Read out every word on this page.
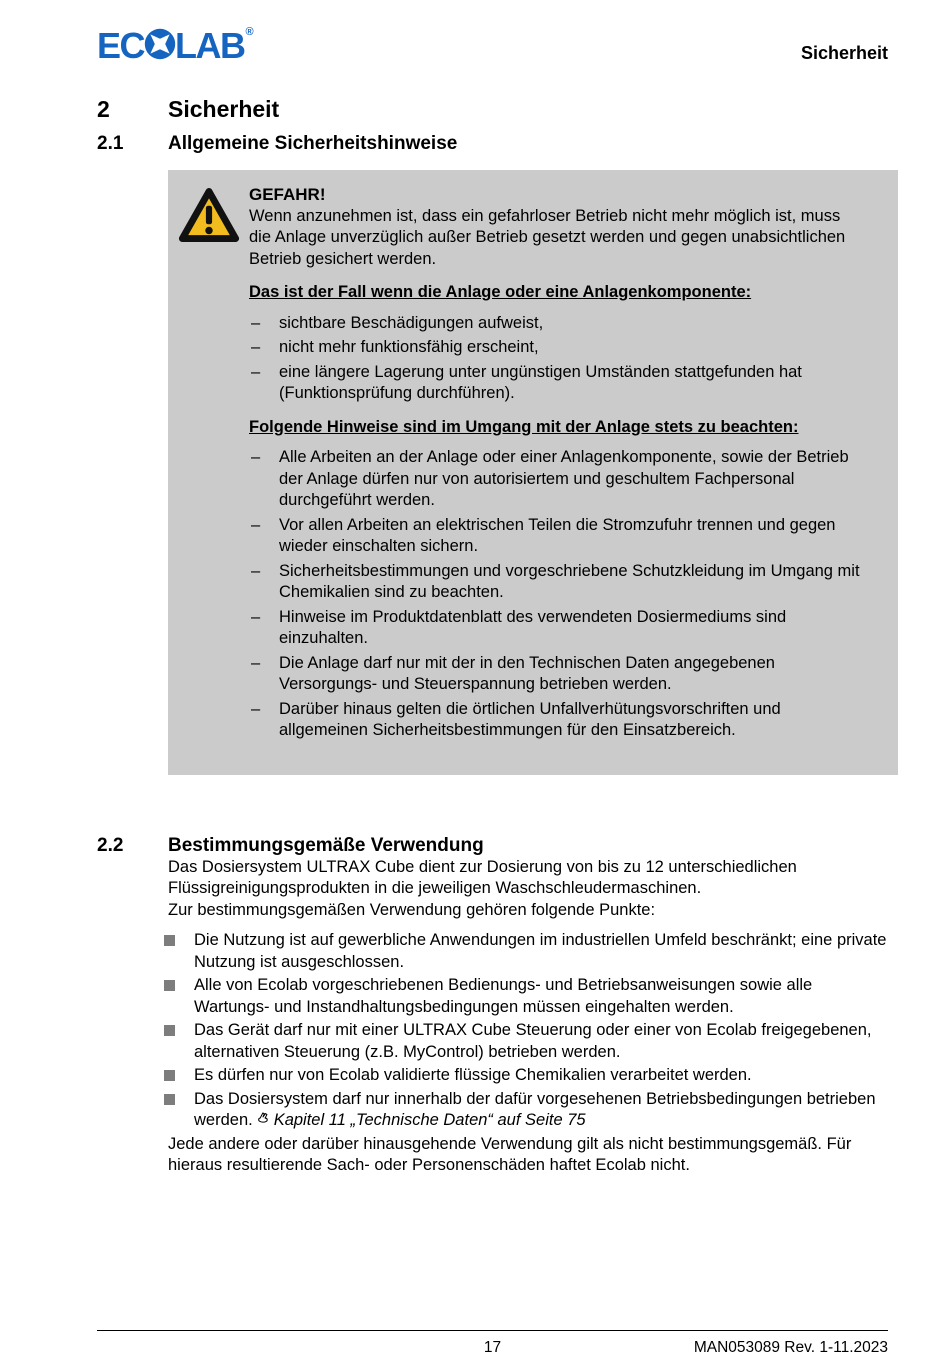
EC LAB®
Sicherheit
2	Sicherheit
2.1	Allgemeine Sicherheitshinweise

GEFAHR!

Wenn anzunehmen ist, dass ein gefahrloser Betrieb nicht mehr möglich ist, muss die Anlage unverzüglich außer Betrieb gesetzt werden und gegen unabsichtlichen Betrieb gesichert werden.

Das ist der Fall wenn die Anlage oder eine Anlagenkomponente:
– sichtbare Beschädigungen aufweist,
– nicht mehr funktionsfähig erscheint,
– eine längere Lagerung unter ungünstigen Umständen stattgefunden hat (Funktionsprüfung durchführen).
Folgende Hinweise sind im Umgang mit der Anlage stets zu beachten:
– Alle Arbeiten an der Anlage oder einer Anlagenkomponente, sowie der Betrieb der Anlage dürfen nur von autorisiertem und geschultem Fachpersonal durchgeführt werden.
– Vor allen Arbeiten an elektrischen Teilen die Stromzufuhr trennen und gegen wieder einschalten sichern.
– Sicherheitsbestimmungen und vorgeschriebene Schutzkleidung im Umgang mit Chemikalien sind zu beachten.
– Hinweise im Produktdatenblatt des verwendeten Dosiermediums sind einzuhalten.
– Die Anlage darf nur mit der in den Technischen Daten angegebenen Versorgungs- und Steuerspannung betrieben werden.
– Darüber hinaus gelten die örtlichen Unfallverhütungsvorschriften und allgemeinen Sicherheitsbestimmungen für den Einsatzbereich.
2.2	Bestimmungsgemäße Verwendung

Das Dosiersystem ULTRAX Cube dient zur Dosierung von bis zu 12 unterschiedlichen Flüssigreinigungsprodukten in die jeweiligen Waschschleudermaschinen.

Zur bestimmungsgemäßen Verwendung gehören folgende Punkte:

Die Nutzung ist auf gewerbliche Anwendungen im industriellen Umfeld beschränkt; eine private Nutzung ist ausgeschlossen.
Alle von Ecolab vorgeschriebenen Bedienungs- und Betriebsanweisungen sowie alle Wartungs- und Instandhaltungsbedingungen müssen eingehalten werden.
Das Gerät darf nur mit einer ULTRAX Cube Steuerung oder einer von Ecolab freigegebenen, alternativen Steuerung (z.B. MyControl) betrieben werden.
Es dürfen nur von Ecolab validierte flüssige Chemikalien verarbeitet werden.
Das Dosiersystem darf nur innerhalb der dafür vorgesehenen Betriebsbedingungen betrieben werden. Kapitel 11 „Technische Daten“ auf Seite 75

Jede andere oder darüber hinausgehende Verwendung gilt als nicht bestimmungsgemäß. Für hieraus resultierende Sach- oder Personenschäden haftet Ecolab nicht.

17	MAN053089 Rev. 1-11.2023
